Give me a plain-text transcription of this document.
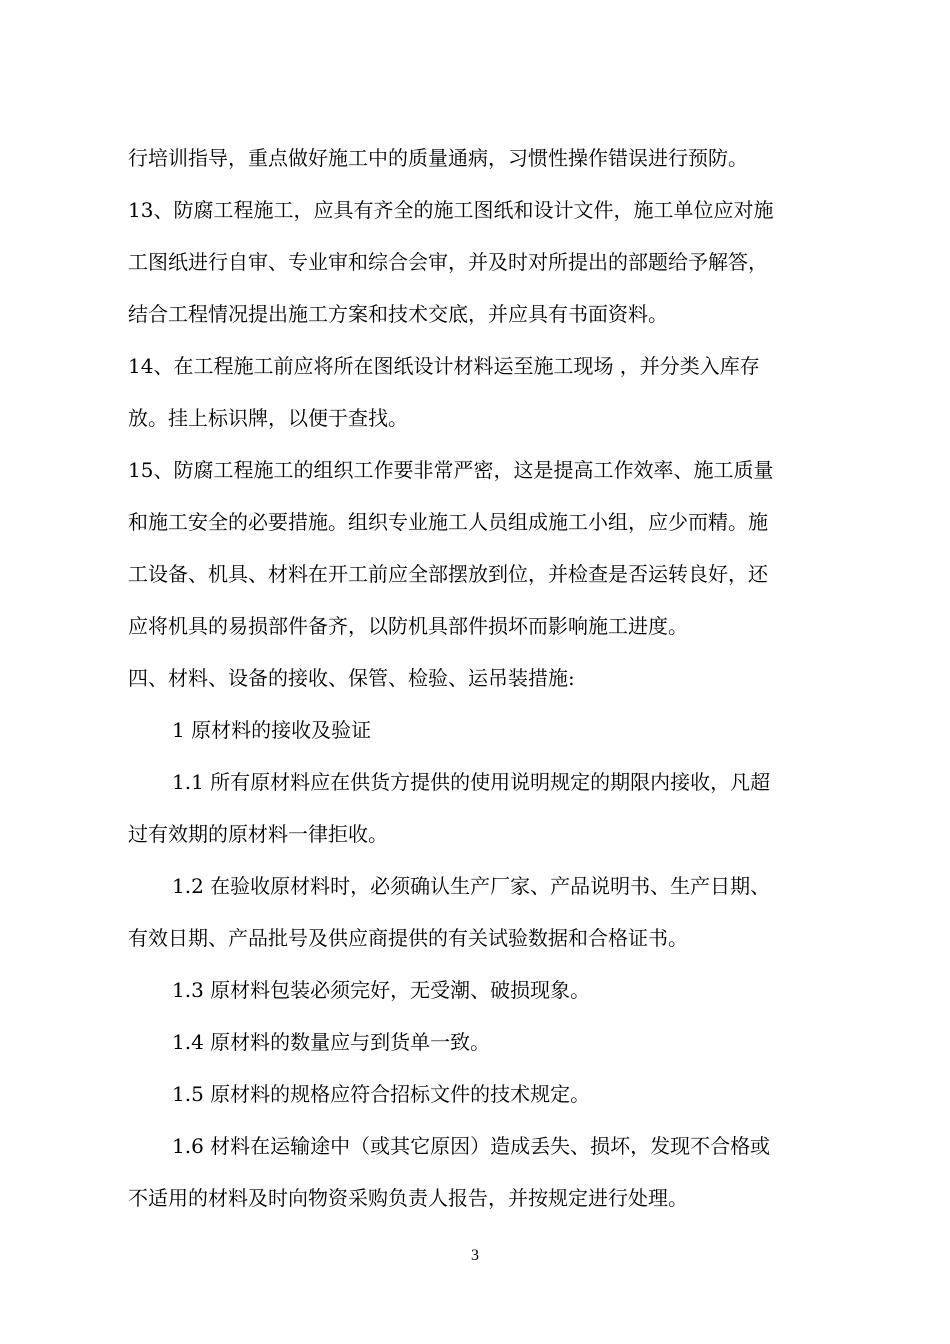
行培训指导，重点做好施工中的质量通病，习惯性操作错误进行预防。
13、防腐工程施工，应具有齐全的施工图纸和设计文件，施工单位应对施
工图纸进行自审、专业审和综合会审，并及时对所提出的部题给予解答，
结合工程情况提出施工方案和技术交底，并应具有书面资料。
14、在工程施工前应将所在图纸设计材料运至施工现场 ，并分类入库存
放。挂上标识牌，以便于查找。
15、防腐工程施工的组织工作要非常严密，这是提高工作效率、施工质量
和施工安全的必要措施。组织专业施工人员组成施工小组，应少而精。施
工设备、机具、材料在开工前应全部摆放到位，并检查是否运转良好，还
应将机具的易损部件备齐，以防机具部件损坏而影响施工进度。
四、材料、设备的接收、保管、检验、运吊装措施:
1 原材料的接收及验证
1.1 所有原材料应在供货方提供的使用说明规定的期限内接收，凡超
过有效期的原材料一律拒收。
1.2 在验收原材料时，必须确认生产厂家、产品说明书、生产日期、
有效日期、产品批号及供应商提供的有关试验数据和合格证书。
1.3 原材料包装必须完好，无受潮、破损现象。
1.4 原材料的数量应与到货单一致。
1.5 原材料的规格应符合招标文件的技术规定。
1.6 材料在运输途中（或其它原因）造成丢失、损坏，发现不合格或
不适用的材料及时向物资采购负责人报告，并按规定进行处理。
3
